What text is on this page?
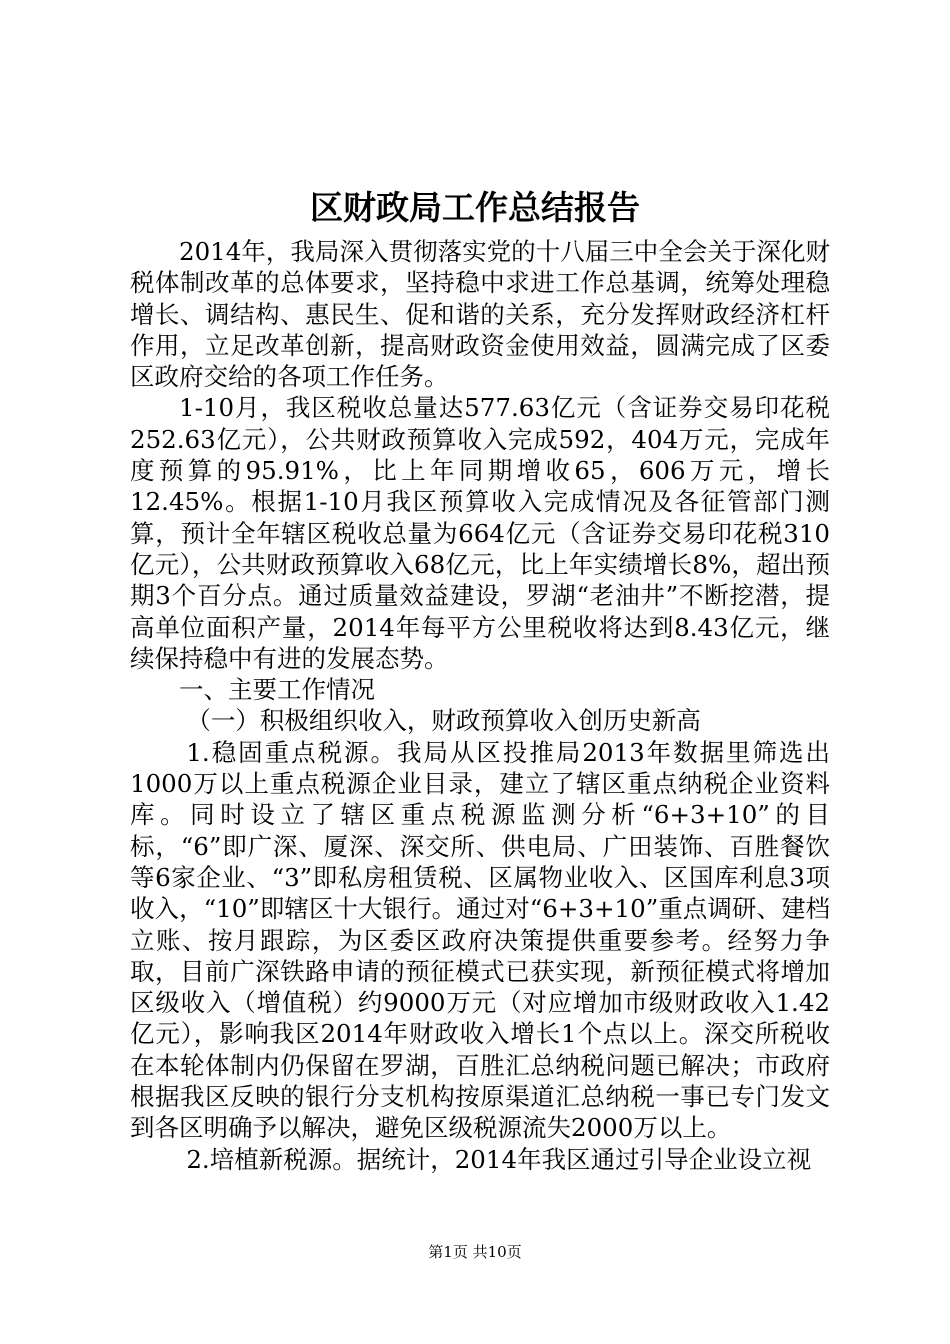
区财政局工作总结报告

2014年，我局深入贯彻落实党的十八届三中全会关于深化财税体制改革的总体要求，坚持稳中求进工作总基调，统筹处理稳增长、调结构、惠民生、促和谐的关系，充分发挥财政经济杠杆作用，立足改革创新，提高财政资金使用效益，圆满完成了区委区政府交给的各项工作任务。

1-10月，我区税收总量达577.63亿元（含证券交易印花税252.63亿元），公共财政预算收入完成592，404万元，完成年度预算的95.91%，比上年同期增收65，606万元，增长12.45%。根据1-10月我区预算收入完成情况及各征管部门测算，预计全年辖区税收总量为664亿元（含证券交易印花税310亿元），公共财政预算收入68亿元，比上年实绩增长8%，超出预期3个百分点。通过质量效益建设，罗湖“老油井”不断挖潜，提高单位面积产量，2014年每平方公里税收将达到8.43亿元，继续保持稳中有进的发展态势。

一、主要工作情况

（一）积极组织收入，财政预算收入创历史新高

1.稳固重点税源。我局从区投推局2013年数据里筛选出1000万以上重点税源企业目录，建立了辖区重点纳税企业资料库。同时设立了辖区重点税源监测分析“6+3+10”的目标，“6”即广深、厦深、深交所、供电局、广田装饰、百胜餐饮等6家企业、“3”即私房租赁税、区属物业收入、区国库利息3项收入，“10”即辖区十大银行。通过对“6+3+10”重点调研、建档立账、按月跟踪，为区委区政府决策提供重要参考。经努力争取，目前广深铁路申请的预征模式已获实现，新预征模式将增加区级收入（增值税）约9000万元（对应增加市级财政收入1.42亿元），影响我区2014年财政收入增长1个点以上。深交所税收在本轮体制内仍保留在罗湖，百胜汇总纳税问题已解决；市政府根据我区反映的银行分支机构按原渠道汇总纳税一事已专门发文到各区明确予以解决，避免区级税源流失2000万以上。

2.培植新税源。据统计，2014年我区通过引导企业设立视

第1页 共10页
